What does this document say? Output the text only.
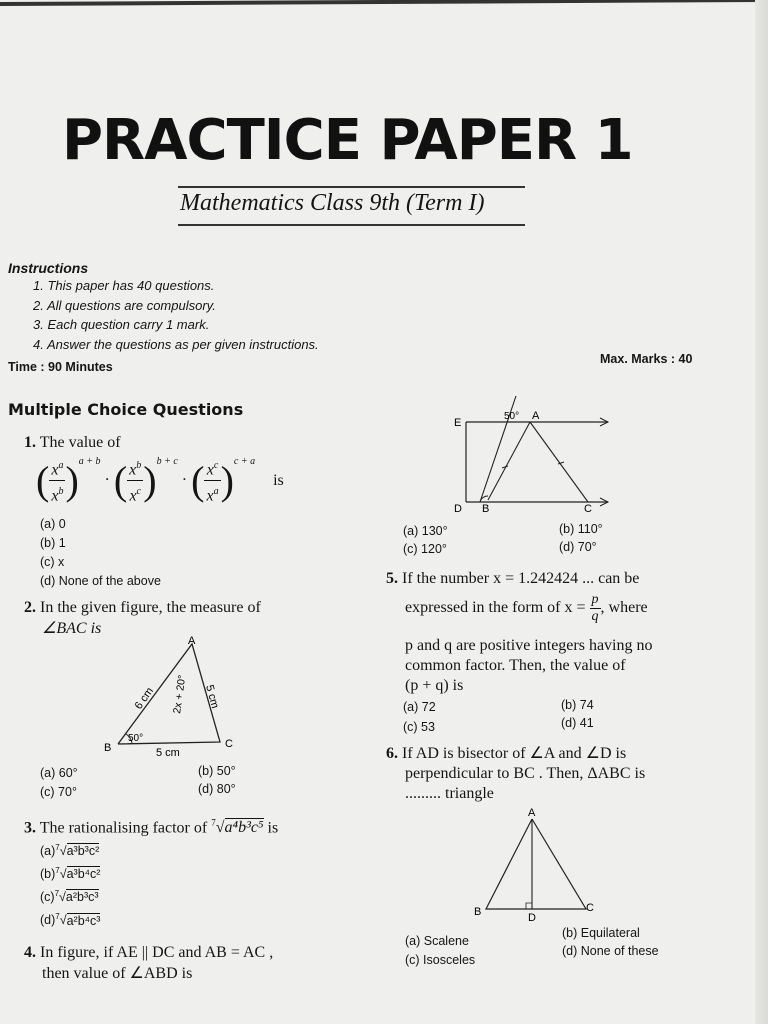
PRACTICE PAPER 1
Mathematics Class 9th (Term I)
Instructions
1. This paper has 40 questions.
2. All questions are compulsory.
3. Each question carry 1 mark.
4. Answer the questions as per given instructions.
Time : 90 Minutes
Max. Marks : 40
Multiple Choice Questions
1. The value of
( $\frac{x^a}{x^b} )^{a + b}$ · ( $\frac{x^b}{x^c} )^{b + c}$ · ( $\frac{x^c}{x^a} )^{c + a}$ is
(a) 0
(b) 1
(c) x
(d) None of the above
2. In the given figure, the measure of
∠BAC is
A
B	C
50°
5 cm
6 cm	5 cm
2x + 20°
(a) 60°	(b) 50°
(c) 70°	(d) 80°
3. The rationalising factor of $^7$√a⁴b³c⁵ is
$(a)^7√a^3b^3c^2$
$(b)^7√a^3b^4c^2$
$(c)^7√a^2b^3c^3$
$(d)^7√a^2b^4c^3$
4. In figure, if AE || DC and AB = AC ,
then value of ∠ABD is
E
A
50°
D B	C
(a) 130°	(b) 110°
(c) 120°	(d) 70°
5. If the number x = 1.242424 ... can be
expressed in the form of $x = \frac{p}{q}$ , where
p and q are positive integers having no
common factor. Then, the value of
(p + q) is
(a) 72	(b) 74
(c) 53	(d) 41
6. If AD is bisector of ∠A and ∠D is
perpendicular to BC . Then, ΔABC is
......... triangle
A
B	C
D
(a) Scalene
(b) Equilateral
(c) Isosceles
(d) None of these
